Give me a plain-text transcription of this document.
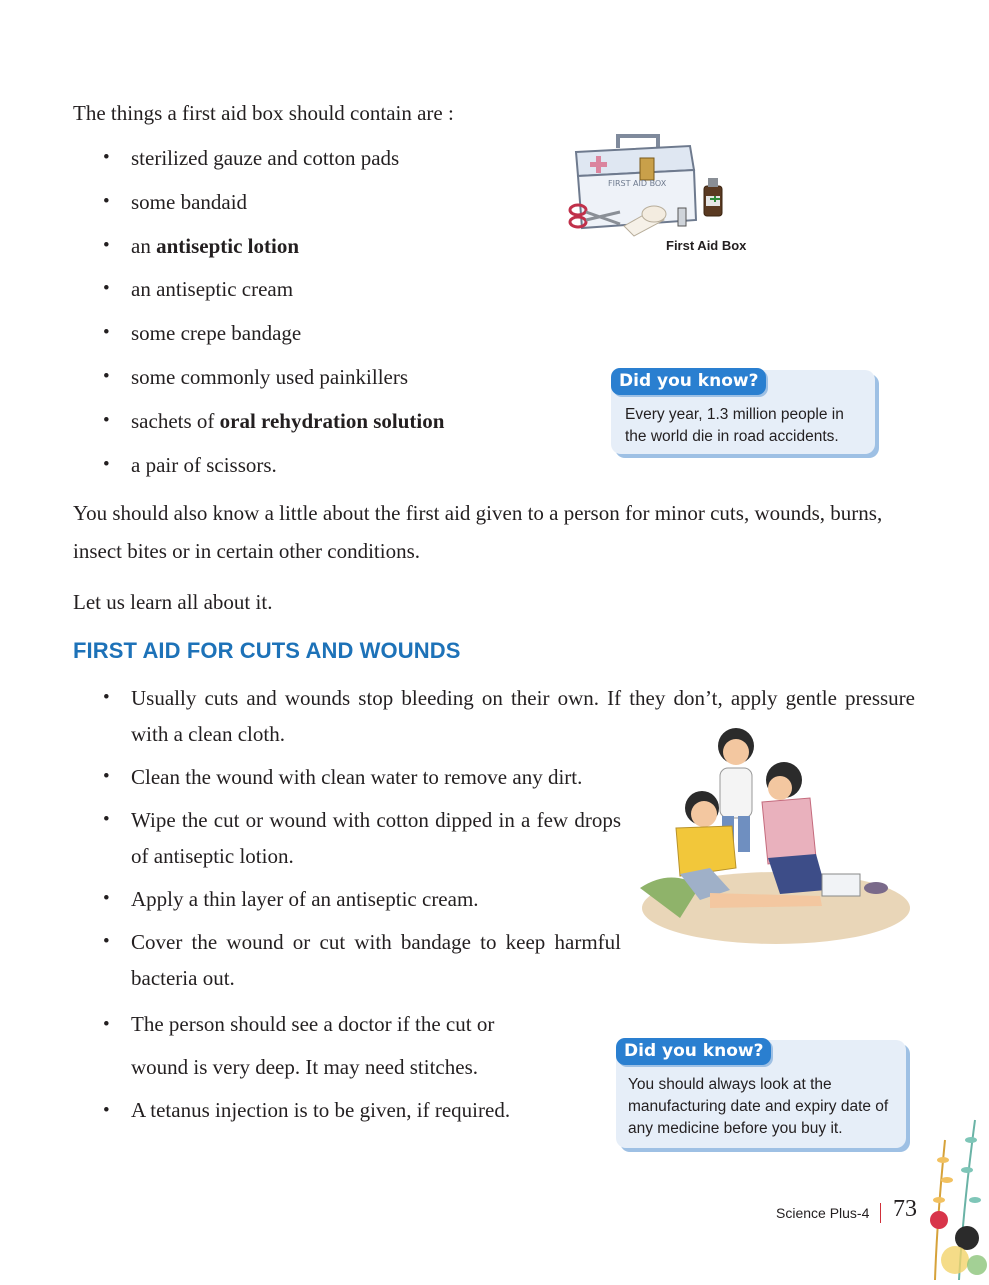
The things a first aid box should contain are :

• sterilized gauze and cotton pads
• some bandaid
• an antiseptic lotion
• an antiseptic cream
• some crepe bandage
• some commonly used painkillers
• sachets of oral rehydration solution
• a pair of scissors.
FIRST AID BOX
First Aid Box
Did you know?
Every year, 1.3 million people in the world die in road accidents.

You should also know a little about the first aid given to a person for minor cuts, wounds, burns, insect bites or in certain other conditions.

Let us learn all about it.

FIRST AID FOR CUTS AND WOUNDS
• Usually cuts and wounds stop bleeding on their own. If they don’t, apply gentle pressure with a clean cloth.
• Clean the wound with clean water to remove any dirt.
• Wipe the cut or wound with cotton dipped in a few drops of antiseptic lotion.
• Apply a thin layer of an antiseptic cream.
• Cover the wound or cut with bandage to keep harmful bacteria out.
• The person should see a doctor if the cut or wound is very deep. It may need stitches.
• A tetanus injection is to be given, if required.
Did you know?
You should always look at the manufacturing date and expiry date of any medicine before you buy it.
Science Plus-4 73
